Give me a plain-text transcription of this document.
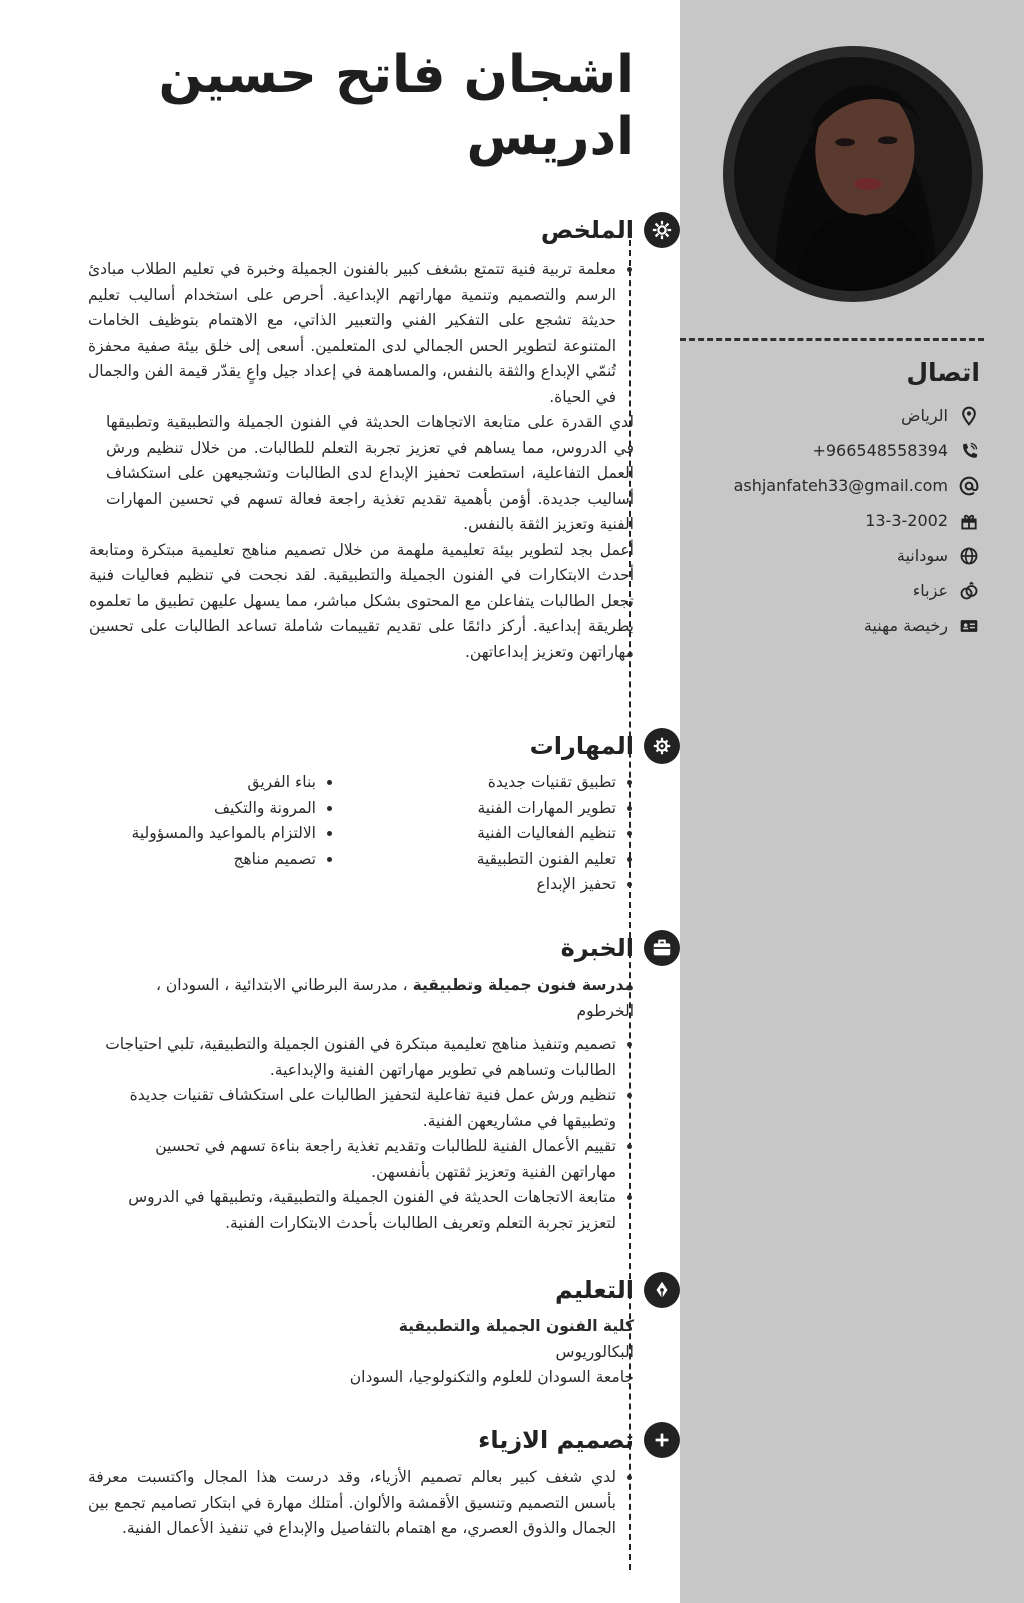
اتصال
الرياض
+966548558394
ashjanfateh33@gmail.com
13-3-2002
سودانية
عزباء
رخيصة مهنية
اشجان فاتح حسين
ادريس
الملخص
• معلمة تربية فنية تتمتع بشغف كبير بالفنون الجميلة وخبرة في تعليم الطلاب مبادئ الرسم والتصميم وتنمية مهاراتهم الإبداعية. أحرص على استخدام أساليب تعليم حديثة تشجع على التفكير الفني والتعبير الذاتي، مع الاهتمام بتوظيف الخامات المتنوعة لتطوير الحس الجمالي لدى المتعلمين. أسعى إلى خلق بيئة صفية محفزة تُنمّي الإبداع والثقة بالنفس، والمساهمة في إعداد جيل واعٍ يقدّر قيمة الفن والجمال في الحياة.

لدي القدرة على متابعة الاتجاهات الحديثة في الفنون الجميلة والتطبيقية وتطبيقها في الدروس، مما يساهم في تعزيز تجربة التعلم للطالبات. من خلال تنظيم ورش العمل التفاعلية، استطعت تحفيز الإبداع لدى الطالبات وتشجيعهن على استكشاف أساليب جديدة. أؤمن بأهمية تقديم تغذية راجعة فعالة تسهم في تحسين المهارات الفنية وتعزيز الثقة بالنفس.

أعمل بجد لتطوير بيئة تعليمية ملهمة من خلال تصميم مناهج تعليمية مبتكرة ومتابعة أحدث الابتكارات في الفنون الجميلة والتطبيقية. لقد نجحت في تنظيم فعاليات فنية تجعل الطالبات يتفاعلن مع المحتوى بشكل مباشر، مما يسهل عليهن تطبيق ما تعلموه بطريقة إبداعية. أركز دائمًا على تقديم تقييمات شاملة تساعد الطالبات على تحسين مهاراتهن وتعزيز إبداعاتهن.

المهارات
• تطبيق تقنيات جديدة
• تطوير المهارات الفنية
• تنظيم الفعاليات الفنية
• تعليم الفنون التطبيقية
• تحفيز الإبداع
• بناء الفريق
• المرونة والتكيف
• الالتزام بالمواعيد والمسؤولية
• تصميم مناهج
الخبرة

مدرسة فنون جميلة وتطبيقية ، مدرسة البرطاني الابتدائية ، السودان ، الخرطوم

• تصميم وتنفيذ مناهج تعليمية مبتكرة في الفنون الجميلة والتطبيقية، تلبي احتياجات الطالبات وتساهم في تطوير مهاراتهن الفنية والإبداعية.
• تنظيم ورش عمل فنية تفاعلية لتحفيز الطالبات على استكشاف تقنيات جديدة وتطبيقها في مشاريعهن الفنية.
• تقييم الأعمال الفنية للطالبات وتقديم تغذية راجعة بناءة تسهم في تحسين مهاراتهن الفنية وتعزيز ثقتهن بأنفسهن.
• متابعة الاتجاهات الحديثة في الفنون الجميلة والتطبيقية، وتطبيقها في الدروس لتعزيز تجربة التعلم وتعريف الطالبات بأحدث الابتكارات الفنية.
التعليم

كلية الفنون الجميلة والتطبيقية

البكالوريوس

جامعة السودان للعلوم والتكنولوجيا، السودان

تصميم الازياء
• لدي شغف كبير بعالم تصميم الأزياء، وقد درست هذا المجال واكتسبت معرفة بأسس التصميم وتنسيق الأقمشة والألوان. أمتلك مهارة في ابتكار تصاميم تجمع بين الجمال والذوق العصري، مع اهتمام بالتفاصيل والإبداع في تنفيذ الأعمال الفنية.
